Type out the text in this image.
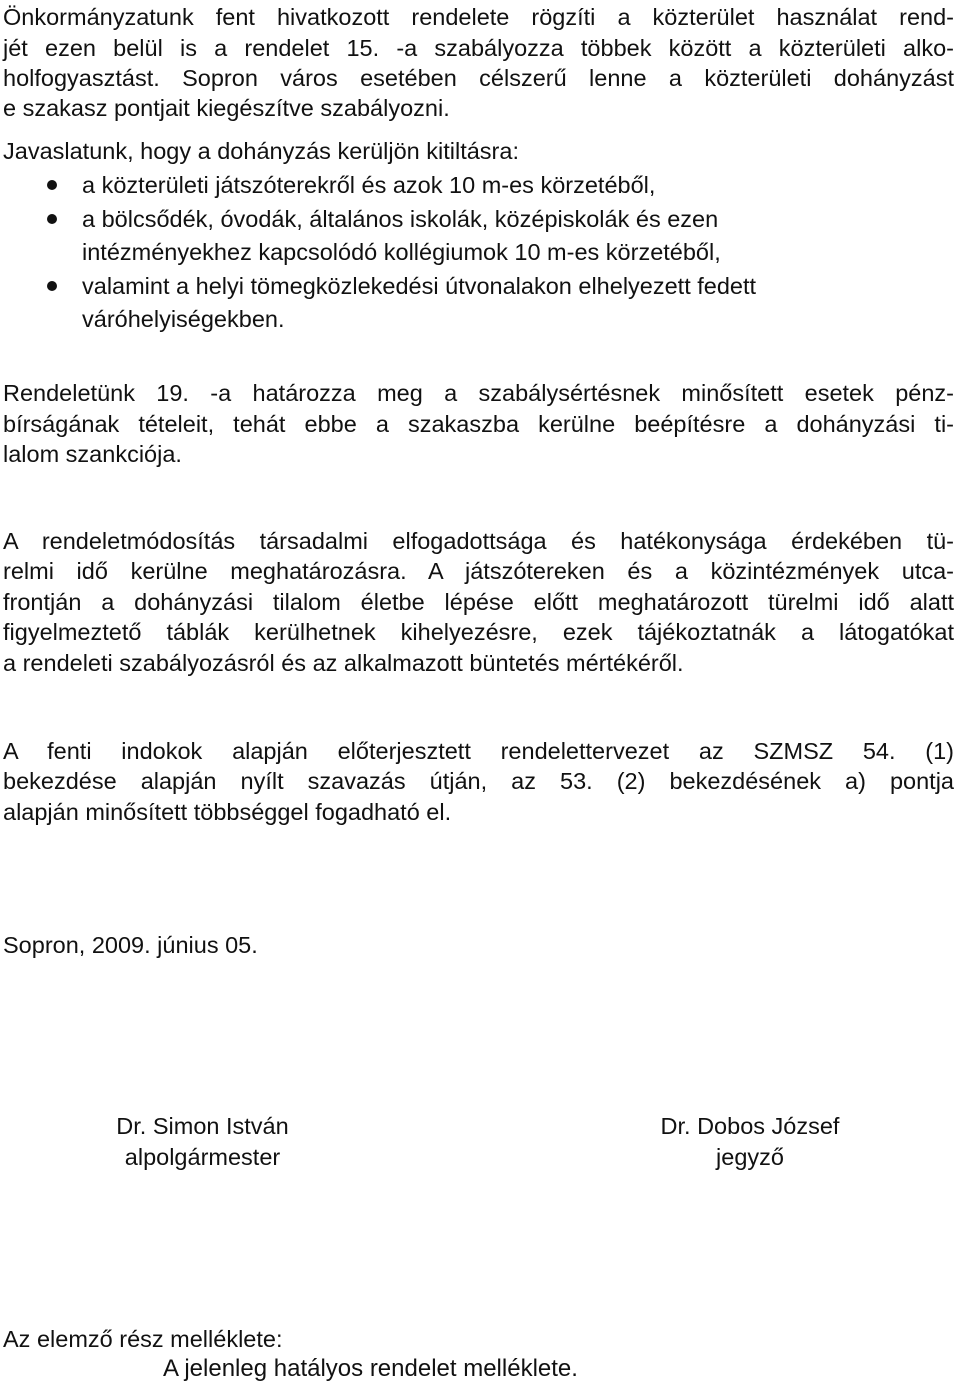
Önkormányzatunk fent hivatkozott rendelete rögzíti a közterület használat rend-
jét ezen belül is a rendelet 15. -a szabályozza többek között a közterületi alko-
holfogyasztást. Sopron város esetében célszerű lenne a közterületi dohányzást
e szakasz pontjait kiegészítve szabályozni.
Javaslatunk, hogy a dohányzás kerüljön kitiltásra:
a közterületi játszóterekről és azok 10 m-es körzetéből,
a bölcsődék, óvodák, általános iskolák, középiskolák és ezen
intézményekhez kapcsolódó kollégiumok 10 m-es körzetéből,
valamint a helyi tömegközlekedési útvonalakon elhelyezett fedett
váróhelyiségekben.
Rendeletünk 19. -a határozza meg a szabálysértésnek minősített esetek pénz-
bírságának tételeit, tehát ebbe a szakaszba kerülne beépítésre a dohányzási ti-
lalom szankciója.
A rendeletmódosítás társadalmi elfogadottsága és hatékonysága érdekében tü-
relmi idő kerülne meghatározásra. A játszótereken és a közintézmények utca-
frontján a dohányzási tilalom életbe lépése előtt meghatározott türelmi idő alatt
figyelmeztető táblák kerülhetnek kihelyezésre, ezek tájékoztatnák a látogatókat
a rendeleti szabályozásról és az alkalmazott büntetés mértékéről.
A fenti indokok alapján előterjesztett rendelettervezet az SZMSZ 54. (1)
bekezdése alapján nyílt szavazás útján, az 53. (2) bekezdésének a) pontja
alapján minősített többséggel fogadható el.
Sopron, 2009. június 05.
Dr. Simon István
alpolgármester
Dr. Dobos József
jegyző
Az elemző rész melléklete:
A jelenleg hatályos rendelet melléklete.
